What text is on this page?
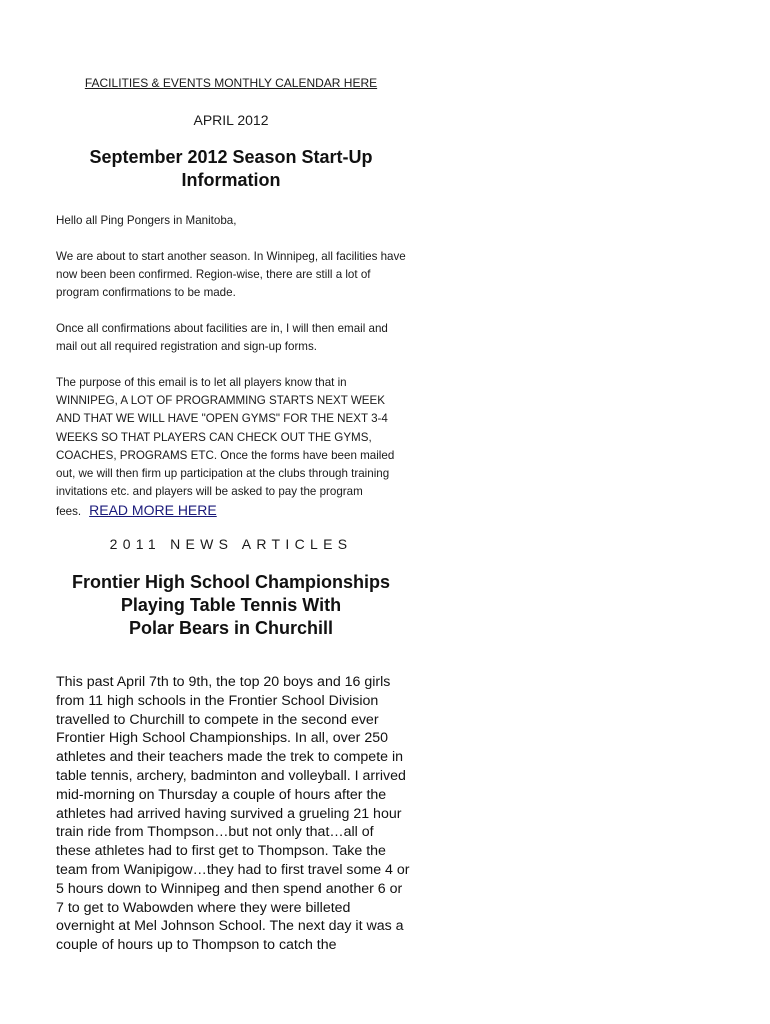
FACILITIES & EVENTS MONTHLY CALENDAR HERE
APRIL 2012
September 2012 Season Start-Up
Information

Hello all Ping Pongers in Manitoba,

We are about to start another season. In Winnipeg, all facilities have now been been confirmed. Region-wise, there are still a lot of program confirmations to be made.

Once all confirmations about facilities are in, I will then email and mail out all required registration and sign-up forms.

The purpose of this email is to let all players know that in WINNIPEG, A LOT OF PROGRAMMING STARTS NEXT WEEK AND THAT WE WILL HAVE "OPEN GYMS" FOR THE NEXT 3-4 WEEKS SO THAT PLAYERS CAN CHECK OUT THE GYMS, COACHES, PROGRAMS ETC. Once the forms have been mailed out, we will then firm up participation at the clubs through training invitations etc. and players will be asked to pay the program fees. READ MORE HERE

2011 NEWS ARTICLES
Frontier High School Championships
Playing Table Tennis With
Polar Bears in Churchill

This past April 7th to 9th, the top 20 boys and 16 girls from 11 high schools in the Frontier School Division travelled to Churchill to compete in the second ever Frontier High School Championships. In all, over 250 athletes and their teachers made the trek to compete in table tennis, archery, badminton and volleyball. I arrived mid-morning on Thursday a couple of hours after the athletes had arrived having survived a grueling 21 hour train ride from Thompson…but not only that…all of these athletes had to first get to Thompson. Take the team from Wanipigow…they had to first travel some 4 or 5 hours down to Winnipeg and then spend another 6 or 7 to get to Wabowden where they were billeted overnight at Mel Johnson School. The next day it was a couple of hours up to Thompson to catch the
